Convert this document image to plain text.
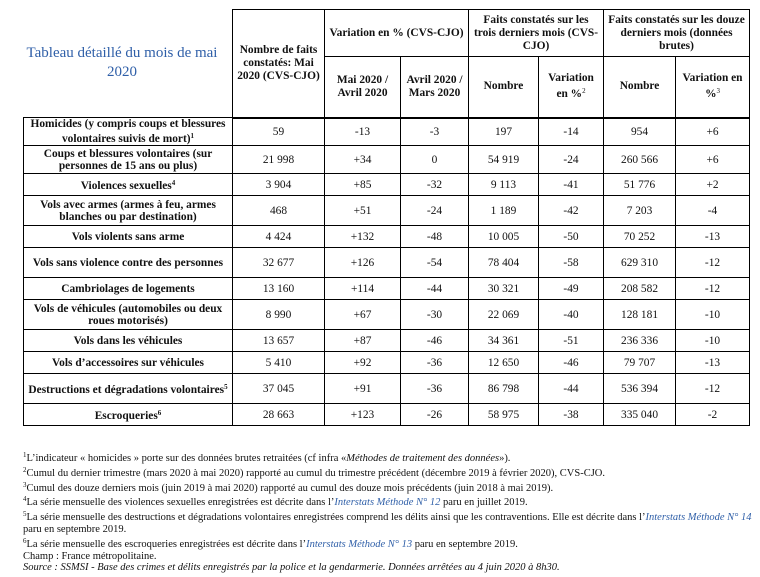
Tableau détaillé du mois de mai 2020
	Nombre de faits constatés: Mai 2020 (CVS-CJO)	Variation en % (CVS-CJO)		Faits constatés sur les trois derniers mois (CVS-CJO)		Faits constatés sur les douze derniers mois (données brutes)	
		Mai 2020 / Avril 2020	Avril 2020 / Mars 2020	Nombre	Variation en %$^2$	Nombre	Variation en %$^3$
Homicides (y compris coups et blessures volontaires suivis de mort)$^1$	59	-13	-3	197	-14	954	+6
Coups et blessures volontaires (sur personnes de 15 ans ou plus)	21 998	+34	0	54 919	-24	260 566	+6
Violences sexuelles$^4$	3 904	+85	-32	9 113	-41	51 776	+2
Vols avec armes (armes à feu, armes blanches ou par destination)	468	+51	-24	1 189	-42	7 203	-4
Vols violents sans arme	4 424	+132	-48	10 005	-50	70 252	-13
Vols sans violence contre des personnes	32 677	+126	-54	78 404	-58	629 310	-12
Cambriolages de logements	13 160	+114	-44	30 321	-49	208 582	-12
Vols de véhicules (automobiles ou deux roues motorisés)	8 990	+67	-30	22 069	-40	128 181	-10
Vols dans les véhicules	13 657	+87	-46	34 361	-51	236 336	-10
Vols d’accessoires sur véhicules	5 410	+92	-36	12 650	-46	79 707	-13
Destructions et dégradations volontaires$^5$	37 045	+91	-36	86 798	-44	536 394	-12
Escroqueries$^6$	28 663	+123	-26	58 975	-38	335 040	-2

$^1$L’indicateur « homicides » porte sur des données brutes retraitées (cf infra «Méthodes de traitement des données»).

$^2$Cumul du dernier trimestre (mars 2020 à mai 2020) rapporté au cumul du trimestre précédent (décembre 2019 à février 2020), CVS-CJO.

$^3$Cumul des douze derniers mois (juin 2019 à mai 2020) rapporté au cumul des douze mois précédents (juin 2018 à mai 2019).

$^4$La série mensuelle des violences sexuelles enregistrées est décrite dans l’Interstats Méthode N° 12 paru en juillet 2019.

$^5$La série mensuelle des destructions et dégradations volontaires enregistrées comprend les délits ainsi que les contraventions. Elle est décrite dans l’Interstats Méthode N° 14 paru en septembre 2019.

$^6$La série mensuelle des escroqueries enregistrées est décrite dans l’Interstats Méthode N° 13 paru en septembre 2019.

Champ : France métropolitaine.

Source : SSMSI - Base des crimes et délits enregistrés par la police et la gendarmerie. Données arrêtées au 4 juin 2020 à 8h30.
